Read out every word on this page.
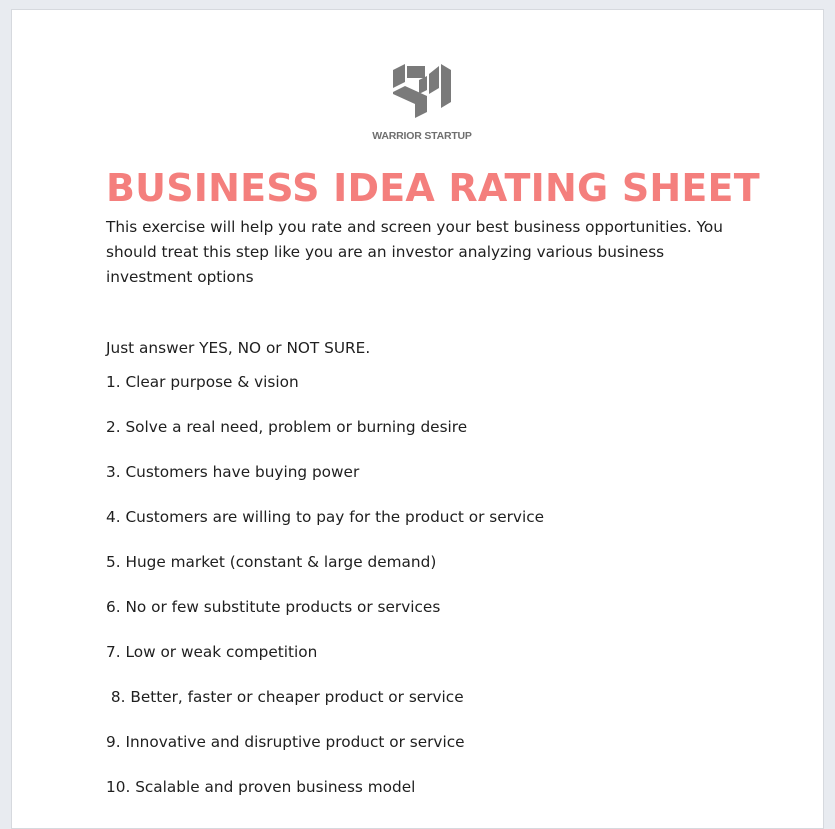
WARRIOR STARTUP
BUSINESS IDEA RATING SHEET

This exercise will help you rate and screen your best business opportunities. You should treat this step like you are an investor analyzing various business investment options

Just answer YES, NO or NOT SURE.

1. Clear purpose & vision
2. Solve a real need, problem or burning desire
3. Customers have buying power
4. Customers are willing to pay for the product or service
5. Huge market (constant & large demand)
6. No or few substitute products or services
7. Low or weak competition
8. Better, faster or cheaper product or service
9. Innovative and disruptive product or service
10. Scalable and proven business model
